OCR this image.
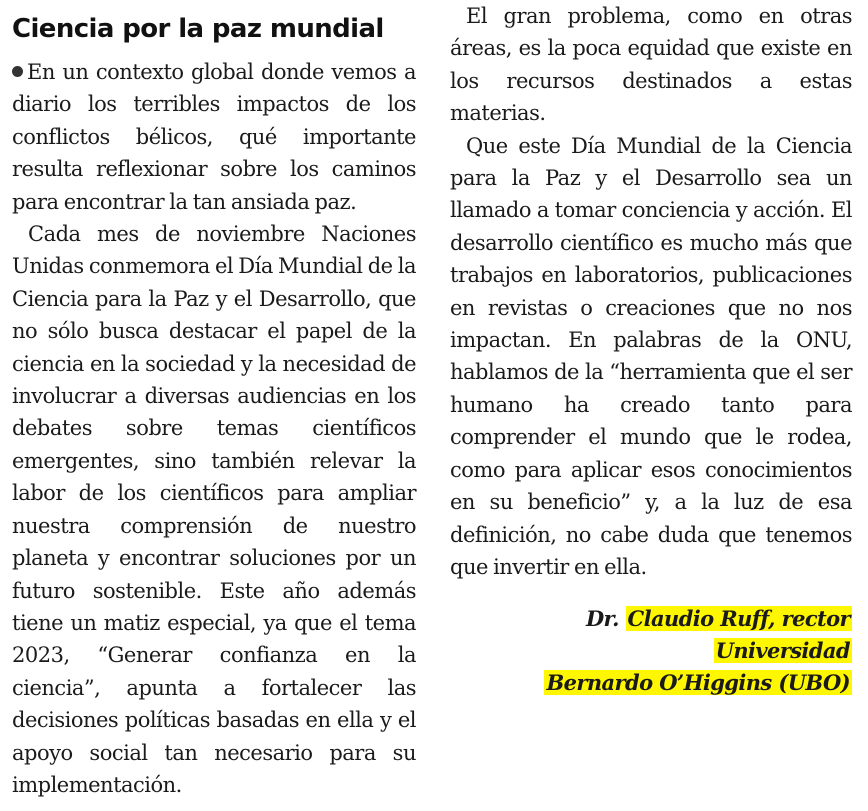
Ciencia por la paz mundial

En un contexto global donde vemos a diario los terribles impactos de los conflictos bélicos, qué importante resulta reflexionar sobre los caminos para encontrar la tan ansiada paz.

Cada mes de noviembre Naciones Unidas conmemora el Día Mundial de la Ciencia para la Paz y el Desarrollo, que no sólo busca destacar el papel de la ciencia en la sociedad y la necesidad de involucrar a diversas audiencias en los debates sobre temas científicos emergentes, sino también relevar la labor de los científicos para ampliar nuestra comprensión de nuestro planeta y encontrar soluciones por un futuro sostenible. Este año además tiene un matiz especial, ya que el tema 2023, “Generar confianza en la ciencia”, apunta a fortalecer las decisiones políticas basadas en ella y el apoyo social tan necesario para su implementación.

El gran problema, como en otras áreas, es la poca equidad que existe en los recursos destinados a estas materias.

Que este Día Mundial de la Ciencia para la Paz y el Desarrollo sea un llamado a tomar conciencia y acción. El desarrollo científico es mucho más que trabajos en laboratorios, publicaciones en revistas o creaciones que no nos impactan. En palabras de la ONU, hablamos de la “herramienta que el ser humano ha creado tanto para comprender el mundo que le rodea, como para aplicar esos conocimientos en su beneficio” y, a la luz de esa definición, no cabe duda que tenemos que invertir en ella.

Dr. Claudio Ruff, rector Universidad
Bernardo O’Higgins (UBO)
